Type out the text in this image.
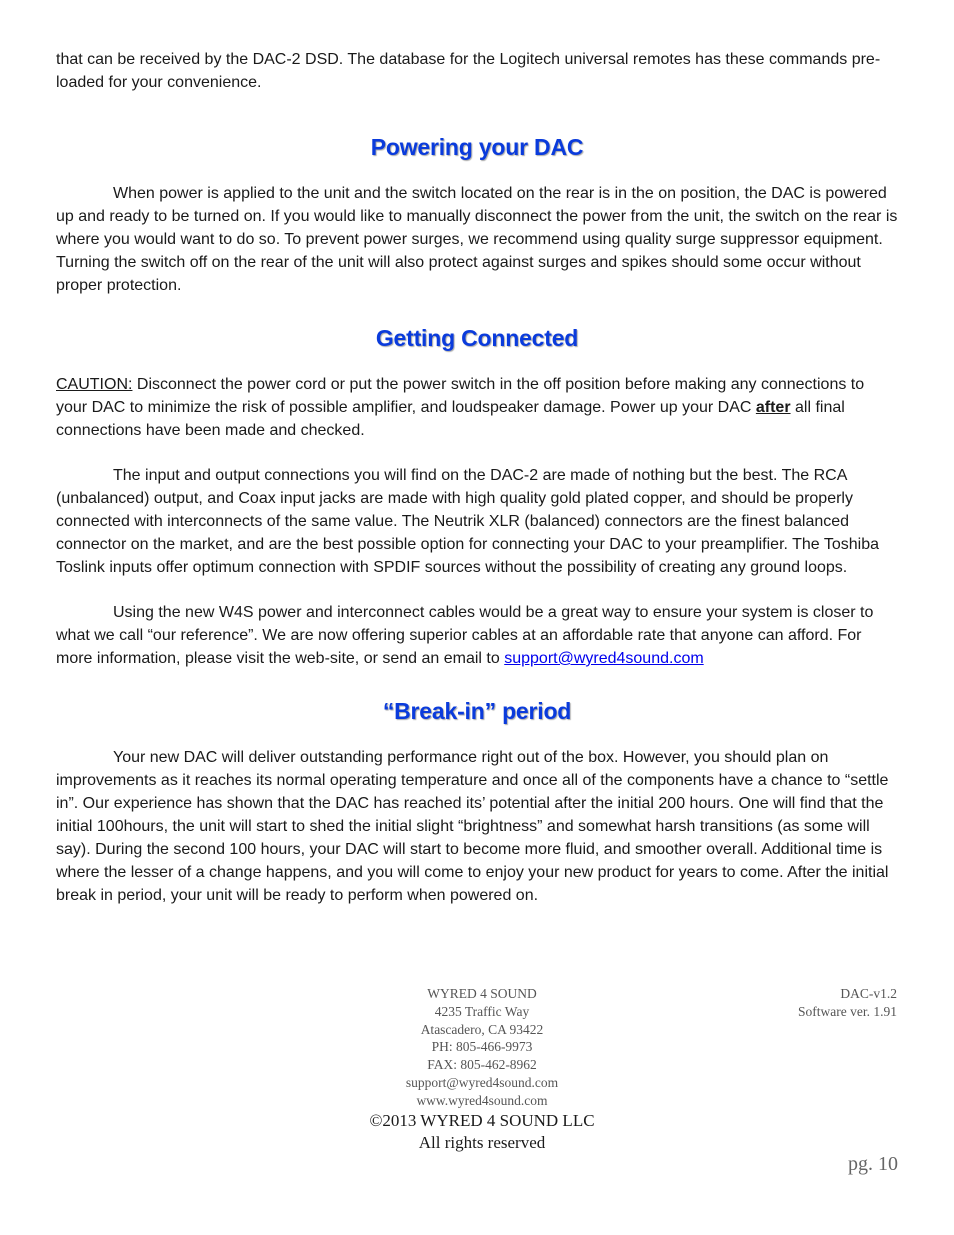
that can be received by the DAC-2 DSD. The database for the Logitech universal remotes has these commands pre-loaded for your convenience.

Powering your DAC

When power is applied to the unit and the switch located on the rear is in the on position, the DAC is powered up and ready to be turned on. If you would like to manually disconnect the power from the unit, the switch on the rear is where you would want to do so. To prevent power surges, we recommend using quality surge suppressor equipment. Turning the switch off on the rear of the unit will also protect against surges and spikes should some occur without proper protection.

Getting Connected

CAUTION: Disconnect the power cord or put the power switch in the off position before making any connections to your DAC to minimize the risk of possible amplifier, and loudspeaker damage. Power up your DAC after all final connections have been made and checked.

The input and output connections you will find on the DAC-2 are made of nothing but the best. The RCA (unbalanced) output, and Coax input jacks are made with high quality gold plated copper, and should be properly connected with interconnects of the same value. The Neutrik XLR (balanced) connectors are the finest balanced connector on the market, and are the best possible option for connecting your DAC to your preamplifier. The Toshiba Toslink inputs offer optimum connection with SPDIF sources without the possibility of creating any ground loops.

Using the new W4S power and interconnect cables would be a great way to ensure your system is closer to what we call “our reference”. We are now offering superior cables at an affordable rate that anyone can afford. For more information, please visit the web-site, or send an email to support@wyred4sound.com

“Break-in” period

Your new DAC will deliver outstanding performance right out of the box. However, you should plan on improvements as it reaches its normal operating temperature and once all of the components have a chance to “settle in”. Our experience has shown that the DAC has reached its’ potential after the initial 200 hours. One will find that the initial 100hours, the unit will start to shed the initial slight “brightness” and somewhat harsh transitions (as some will say). During the second 100 hours, your DAC will start to become more fluid, and smoother overall. Additional time is where the lesser of a change happens, and you will come to enjoy your new product for years to come. After the initial break in period, your unit will be ready to perform when powered on.

WYRED 4 SOUND
4235 Traffic Way
Atascadero, CA 93422
PH: 805-466-9973
FAX: 805-462-8962
support@wyred4sound.com
www.wyred4sound.com
©2013 WYRED 4 SOUND LLC
All rights reserved
DAC-v1.2
Software ver. 1.91
pg. 10
